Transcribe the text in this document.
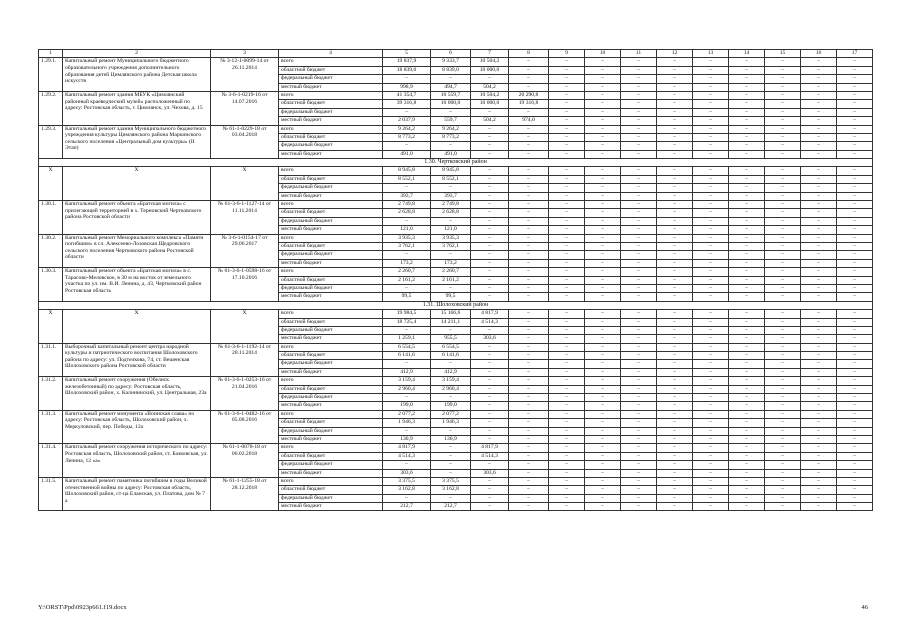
1	2	3	4	5	6	7	8	9	10	11	12	13	14	15	16	17
1.29.1.	Капитальный ремонт Муниципального бюджетного образовательного учреждения дополнительного образования детей Цимлянского района Детская школа искусств	№ 3-12-1-0099-14 от 26.11.2014	всего	19 837,9	9 333,7	10 504,2	–	–	–	–	–	–	–	–	–	–
			областной бюджет	18 839,0	8 839,0	10 000,0	–	–	–	–	–	–	–	–	–	–
			федеральный бюджет	–	–	–	–	–	–	–	–	–	–	–	–	–
			местный бюджет	998,9	494,7	504,2	–	–	–	–	–	–	–	–	–	–
1.29.2.	Капитальный ремонт здания МБУК «Цимлянский районный краеведческий музей» расположенный по адресу: Ростовская область, г. Цимлянск, ул. Чехова, д. 15	№ 3-6-1-0219-16 от 14.07.2016	всего	41 354,7	10 559,7	10 504,2	20 290,8	–	–	–	–	–	–	–	–	–
			областной бюджет	39 316,8	10 000,0	10 000,0	19 316,8	–	–	–	–	–	–	–	–	–
			федеральный бюджет	–	–	–	–	–	–	–	–	–	–	–	–	–
			местный бюджет	2 037,9	559,7	504,2	974,0	–	–	–	–	–	–	–	–	–
1.29.3.	Капитальный ремонт здания Муниципального бюджетного учреждения культуры Цимлянского района Маркинского сельского поселения «Центральный дом культуры» (II Этап)	№ 61-1-0229-18 от 03.04.2018	всего	9 264,2	9 264,2	–	–	–	–	–	–	–	–	–	–	–
			областной бюджет	8 773,2	8 773,2	–	–	–	–	–	–	–	–	–	–	–
			федеральный бюджет	–	–	–	–	–	–	–	–	–	–	–	–	–
			местный бюджет	491,0	491,0	–	–	–	–	–	–	–	–	–	–	–
1.30. Чертковский район																
Х	Х	Х	всего	8 945,8	8 945,8	–	–	–	–	–	–	–	–	–	–	–
			областной бюджет	8 552,1	8 552,1	–	–	–	–	–	–	–	–	–	–	–
			федеральный бюджет	–	–	–	–	–	–	–	–	–	–	–	–	–
			местный бюджет	393,7	393,7	–	–	–	–	–	–	–	–	–	–	–
1.30.1.	Капитальный ремонт объекта «Братская могила» с прилегающей территорией в х. Терновский Чертковского района Ростовской области	№ 61-3-6-1-1127-14 от 11.11.2014	всего	2 749,8	2 749,8	–	–	–	–	–	–	–	–	–	–	–
			областной бюджет	2 628,8	2 628,8	–	–	–	–	–	–	–	–	–	–	–
			федеральный бюджет	–	–	–	–	–	–	–	–	–	–	–	–	–
			местный бюджет	121,0	121,0	–	–	–	–	–	–	–	–	–	–	–
1.30.2.	Капитальный ремонт Мемориального комплекса «Памяти погибшим» в сл. Алексеево-Лозовская Щедровского сельского поселения Чертковского района Ростовской области	№ 3-6-1-0154-17 от 29.06.2017	всего	3 935,3	3 935,3	–	–	–	–	–	–	–	–	–	–	–
			областной бюджет	3 762,1	3 762,1	–	–	–	–	–	–	–	–	–	–	–
			федеральный бюджет	–	–	–	–	–	–	–	–	–	–	–	–	–
			местный бюджет	173,2	173,2	–	–	–	–	–	–	–	–	–	–	–
1.30.3.	Капитальный ремонт объекта «Братская могила» в с. Тарасово-Меловское, в 30 м на восток от земельного участка по ул. им. В.И. Ленина, д. 43, Чертковский район Ростовская область	№ 61-3-6-1-0598-16 от 17.10.2016	всего	2 260,7	2 260,7	–	–	–	–	–	–	–	–	–	–	–
			областной бюджет	2 161,2	2 161,2	–	–	–	–	–	–	–	–	–	–	–
			федеральный бюджет	–	–	–	–	–	–	–	–	–	–	–	–	–
			местный бюджет	99,5	99,5	–	–	–	–	–	–	–	–	–	–	–
1.31. Шолоховский район																
Х	Х	Х	всего	19 984,5	15 166,6	4 817,9	–	–	–	–	–	–	–	–	–	–
			областной бюджет	18 725,4	14 211,1	4 514,3	–	–	–	–	–	–	–	–	–	–
			федеральный бюджет	–	–	–	–	–	–	–	–	–	–	–	–	–
			местный бюджет	1 259,1	955,5	303,6	–	–	–	–	–	–	–	–	–	–
1.31.1.	Выборочный капитальный ремонт центра народной культуры и патриотического воспитания Шолоховского района по адресу: ул. Подтелкова, 74, ст. Вешенская Шолоховского района Ростовской области	№ 61-3-6-1-1192-14 от 28.11.2014	всего	6 554,5	6 554,5	–	–	–	–	–	–	–	–	–	–	–
			областной бюджет	6 141,6	6 141,6	–	–	–	–	–	–	–	–	–	–	–
			федеральный бюджет	–	–	–	–	–	–	–	–	–	–	–	–	–
			местный бюджет	412,9	412,9	–	–	–	–	–	–	–	–	–	–	–
1.31.2.	Капитальный ремонт сооружения (Обелиск железобетонный) по адресу: Ростовская область, Шолоховский район, х. Калининский, ул. Центральная, 23а	№ 61-3-6-1-0253-16 от 21.04.2016	всего	3 159,4	3 159,4	–	–	–	–	–	–	–	–	–	–	–
			областной бюджет	2 960,4	2 960,4	–	–	–	–	–	–	–	–	–	–	–
			федеральный бюджет	–	–	–	–	–	–	–	–	–	–	–	–	–
			местный бюджет	199,0	199,0	–	–	–	–	–	–	–	–	–	–	–
1.31.3.	Капитальный ремонт монумента «Воинская слава» по адресу: Ростовская область, Шолоховский район, х. Меркуловский, пер. Победы, 12а	№ 61-3-6-1-0482-16 от 05.08.2016	всего	2 077,2	2 077,2	–	–	–	–	–	–	–	–	–	–	–
			областной бюджет	1 946,3	1 946,3	–	–	–	–	–	–	–	–	–	–	–
			федеральный бюджет	–	–	–	–	–	–	–	–	–	–	–	–	–
			местный бюджет	130,9	130,9	–	–	–	–	–	–	–	–	–	–	–
1.31.4.	Капитальный ремонт сооружения исторического по адресу: Ростовская область, Шолоховский район, ст. Базковская, ул. Ленина, 12 «а»	№ 61-1-0078-18 от 06.02.2018	всего	4 817,9	–	4 817,9	–	–	–	–	–	–	–	–	–	–
			областной бюджет	4 514,3	–	4 514,3	–	–	–	–	–	–	–	–	–	–
			федеральный бюджет	–	–	–	–	–	–	–	–	–	–	–	–	–
			местный бюджет	303,6	–	303,6	–	–	–	–	–	–	–	–	–	–
1.31.5.	Капитальный ремонт памятника погибшим в годы Великой отечественной войны по адресу: Ростовская область, Шолоховский район, ст-ца Еланская, ул. Платова, дом № 7 а	№ 61-1-1255-18 от 28.12.2018	всего	3 375,5	3 375,5	–	–	–	–	–	–	–	–	–	–	–
			областной бюджет	3 162,8	3 162,8	–	–	–	–	–	–	–	–	–	–	–
			федеральный бюджет	–	–	–	–	–	–	–	–	–	–	–	–	–
			местный бюджет	212,7	212,7	–	–	–	–	–	–	–	–	–	–	–
Y:\ORST\Ppd\0923p661.f19.docx	46
